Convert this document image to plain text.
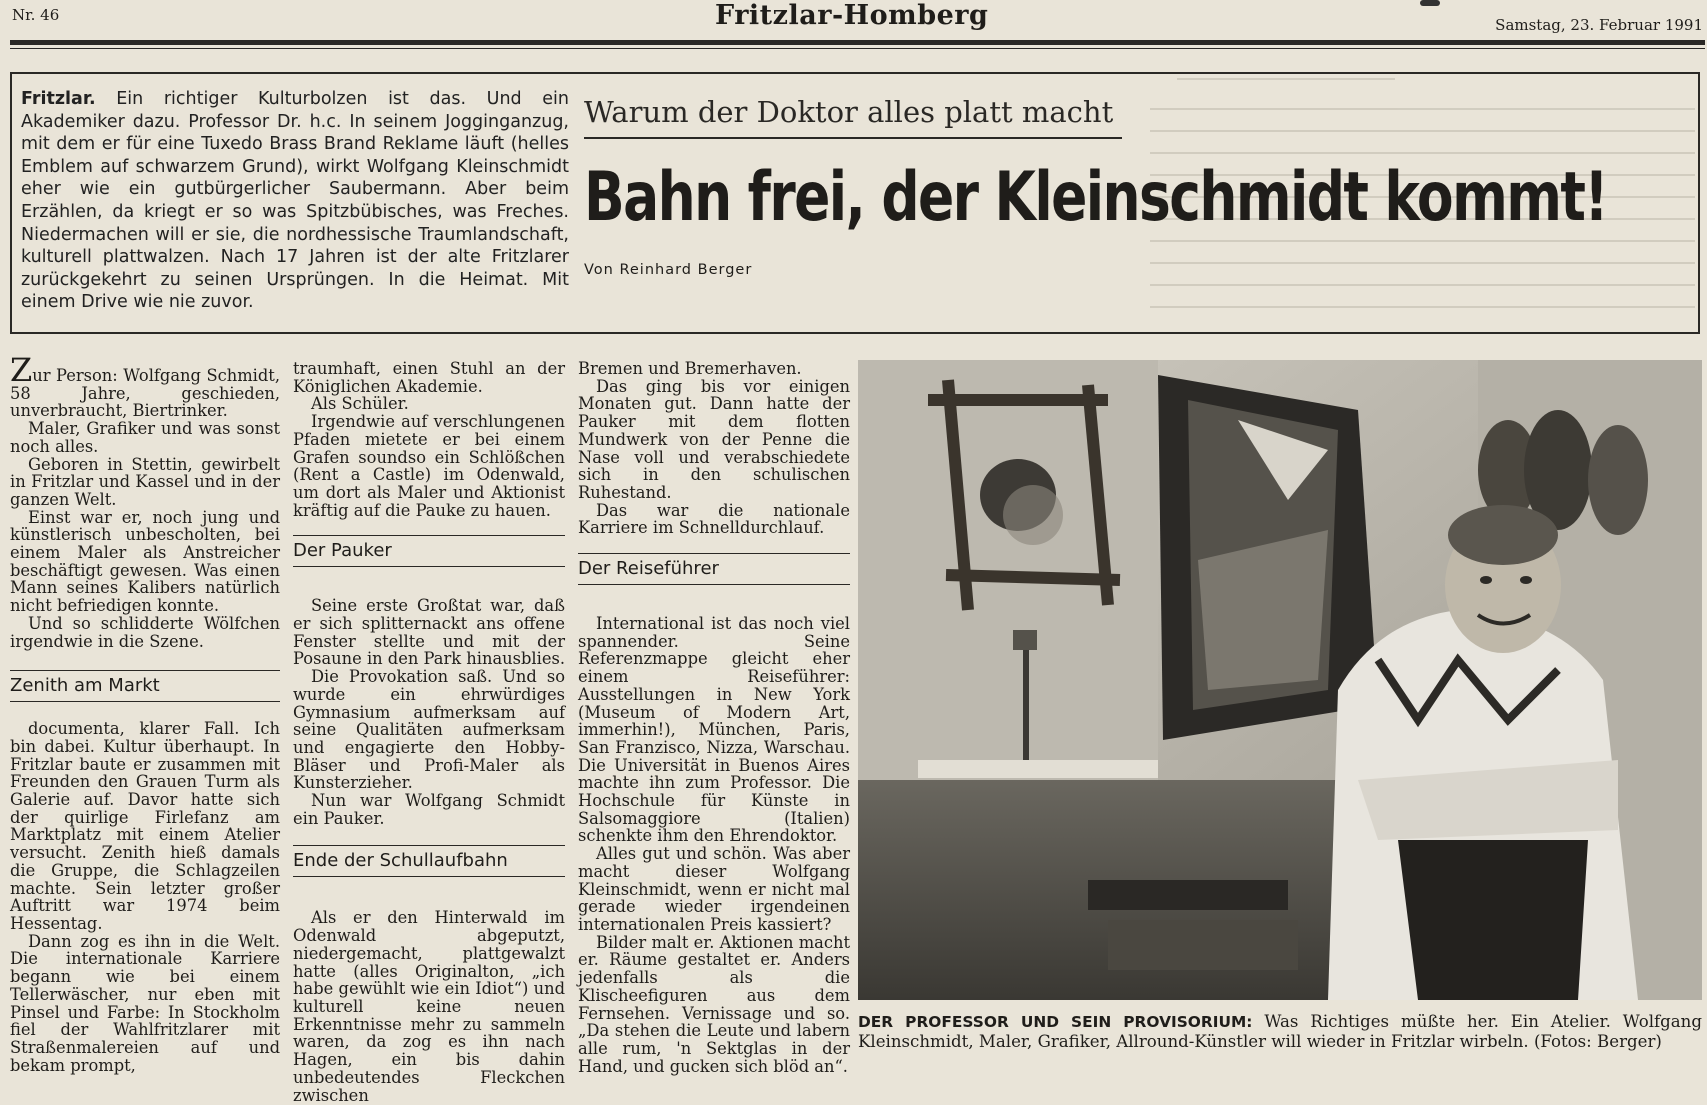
Nr. 46	Fritzlar-Homberg	Samstag, 23. Februar 1991
Fritzlar. Ein richtiger Kulturbolzen ist das. Und ein Akademiker dazu. Professor Dr. h.c. In seinem Jogginganzug, mit dem er für eine Tuxedo Brass Brand Reklame läuft (helles Emblem auf schwarzem Grund), wirkt Wolfgang Kleinschmidt eher wie ein gutbürgerlicher Saubermann. Aber beim Erzählen, da kriegt er so was Spitzbübisches, was Freches. Niedermachen will er sie, die nordhessische Traumlandschaft, kulturell plattwalzen. Nach 17 Jahren ist der alte Fritzlarer zurückgekehrt zu seinen Ursprüngen. In die Heimat. Mit einem Drive wie nie zuvor.
Warum der Doktor alles platt macht
Bahn frei, der Kleinschmidt kommt!
Von Reinhard Berger

Zur Person: Wolfgang Schmidt, 58 Jahre, geschieden, unverbraucht, Biertrinker.

Maler, Grafiker und was sonst noch alles.

Geboren in Stettin, gewirbelt in Fritzlar und Kassel und in der ganzen Welt.

Einst war er, noch jung und künstlerisch unbescholten, bei einem Maler als Anstreicher beschäftigt gewesen. Was einen Mann seines Kalibers natürlich nicht befriedigen konnte.

Und so schlidderte Wölfchen irgendwie in die Szene.

Zenith am Markt

documenta, klarer Fall. Ich bin dabei. Kultur überhaupt. In Fritzlar baute er zusammen mit Freunden den Grauen Turm als Galerie auf. Davor hatte sich der quirlige Firlefanz am Marktplatz mit einem Atelier versucht. Zenith hieß damals die Gruppe, die Schlagzeilen machte. Sein letzter großer Auftritt war 1974 beim Hessentag.

Dann zog es ihn in die Welt. Die internationale Karriere begann wie bei einem Tellerwäscher, nur eben mit Pinsel und Farbe: In Stockholm fiel der Wahlfritzlarer mit Straßenmalereien auf und bekam prompt,

traumhaft, einen Stuhl an der Königlichen Akademie.

Als Schüler.

Irgendwie auf verschlungenen Pfaden mietete er bei einem Grafen soundso ein Schlößchen (Rent a Castle) im Odenwald, um dort als Maler und Aktionist kräftig auf die Pauke zu hauen.

Der Pauker

Seine erste Großtat war, daß er sich splitternackt ans offene Fenster stellte und mit der Posaune in den Park hinausblies.

Die Provokation saß. Und so wurde ein ehrwürdiges Gymnasium aufmerksam auf seine Qualitäten aufmerksam und engagierte den Hobby-Bläser und Profi-Maler als Kunsterzieher.

Nun war Wolfgang Schmidt ein Pauker.

Ende der Schullaufbahn

Als er den Hinterwald im Odenwald abgeputzt, niedergemacht, plattgewalzt hatte (alles Originalton, „ich habe gewühlt wie ein Idiot“) und kulturell keine neuen Erkenntnisse mehr zu sammeln waren, da zog es ihn nach Hagen, ein bis dahin unbedeutendes Fleckchen zwischen

Bremen und Bremerhaven.

Das ging bis vor einigen Monaten gut. Dann hatte der Pauker mit dem flotten Mundwerk von der Penne die Nase voll und verabschiedete sich in den schulischen Ruhestand.

Das war die nationale Karriere im Schnelldurchlauf.

Der Reiseführer

International ist das noch viel spannender. Seine Referenzmappe gleicht eher einem Reiseführer: Ausstellungen in New York (Museum of Modern Art, immerhin!), München, Paris, San Franzisco, Nizza, Warschau. Die Universität in Buenos Aires machte ihn zum Professor. Die Hochschule für Künste in Salsomaggiore (Italien) schenkte ihm den Ehrendoktor.

Alles gut und schön. Was aber macht dieser Wolfgang Kleinschmidt, wenn er nicht mal gerade wieder irgendeinen internationalen Preis kassiert?

Bilder malt er. Aktionen macht er. Räume gestaltet er. Anders jedenfalls als die Klischeefiguren aus dem Fernsehen. Vernissage und so. „Da stehen die Leute und labern alle rum, 'n Sektglas in der Hand, und gucken sich blöd an“.

DER PROFESSOR UND SEIN PROVISORIUM: Was Richtiges müßte her. Ein Atelier. Wolfgang Kleinschmidt, Maler, Grafiker, Allround-Künstler will wieder in Fritzlar wirbeln. (Fotos: Berger)
